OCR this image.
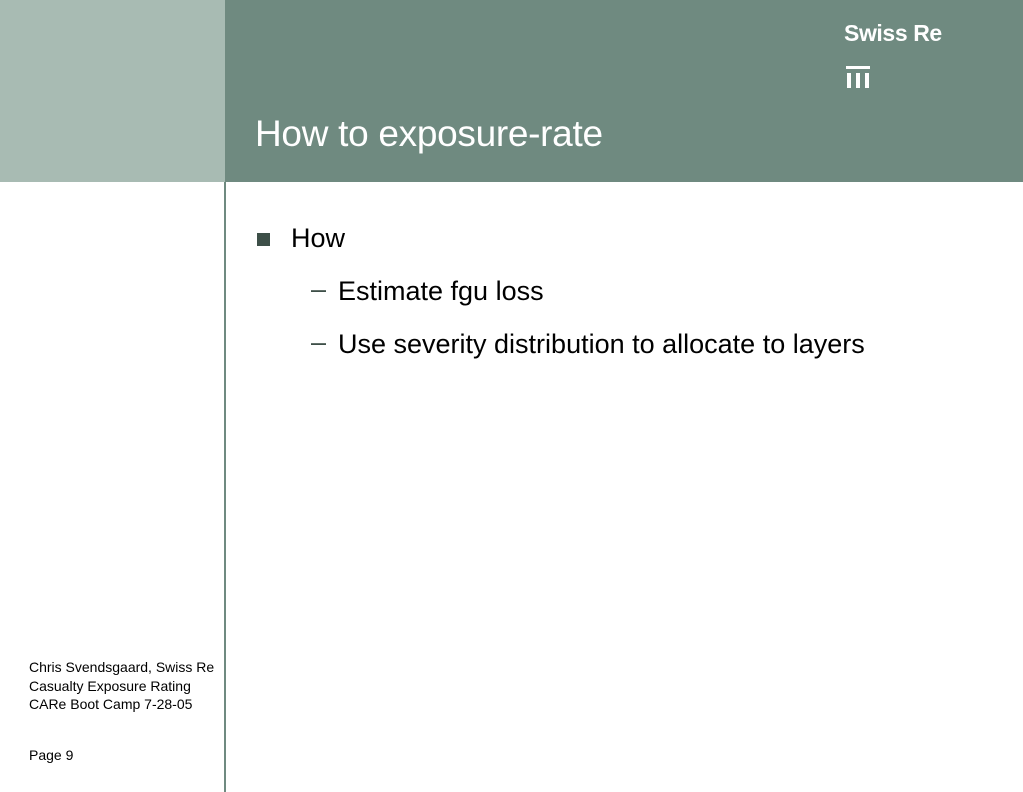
Swiss Re
How to exposure-rate
How
– Estimate fgu loss
– Use severity distribution to allocate to layers
Chris Svendsgaard, Swiss Re
Casualty Exposure Rating
CARe Boot Camp 7-28-05
Page 9
